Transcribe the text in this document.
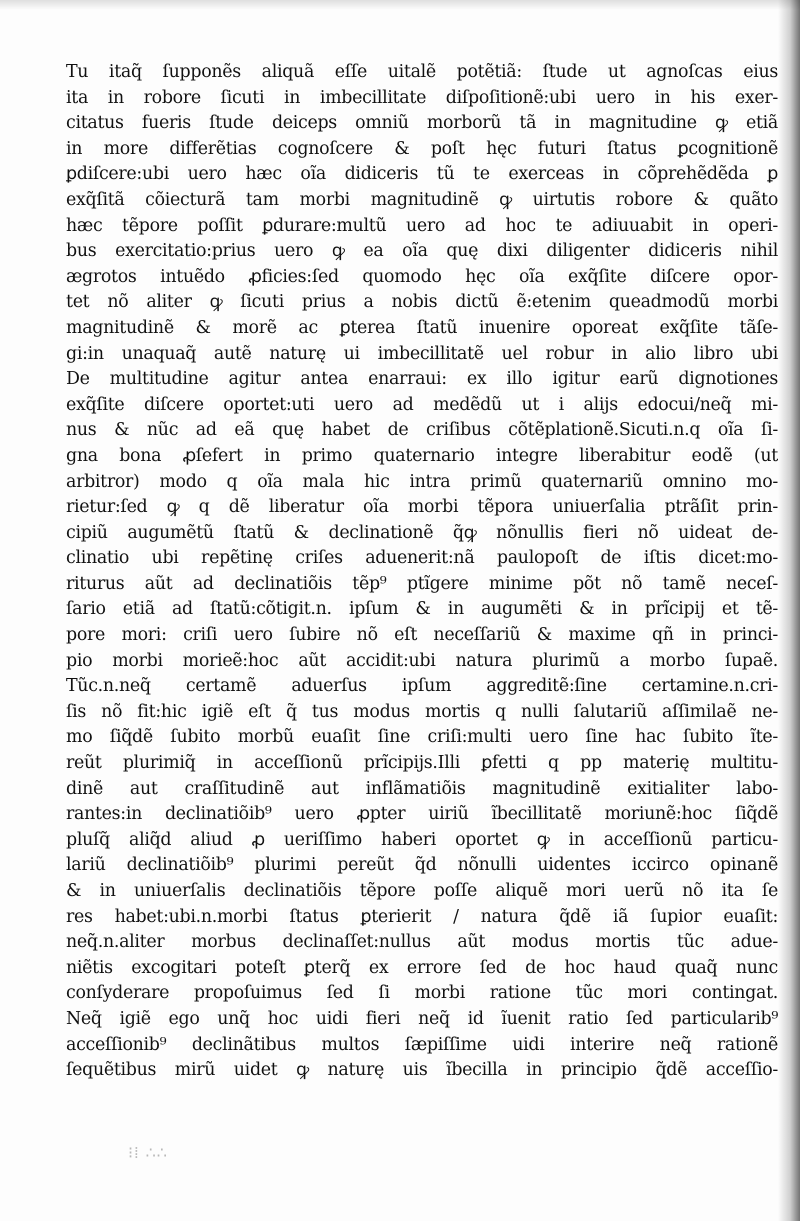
Tu itaq̃ ſupponẽs aliquã eſſe uitalẽ potẽtiã: ſtude ut agnoſcas eius
ita in robore ſicuti in imbecillitate diſpoſitionẽ:ubi uero in his exer-
citatus fueris ſtude deiceps omniũ morborũ tã in magnitudine ꝙ etiã
in more differẽtias cognoſcere & poſt hęc futuri ſtatus ꝑcognitionẽ
ꝑdiſcere:ubi uero hæc oĩa didiceris tũ te exerceas in cõprehẽdẽda ꝑ
exq̃ſitã cõiecturã tam morbi magnitudinẽ ꝙ uirtutis robore & quãto
hæc tẽpore poſſit ꝑdurare:multũ uero ad hoc te adiuuabit in operi-
bus exercitatio:prius uero ꝙ ea oĩa quę dixi diligenter didiceris nihil
ægrotos intuẽdo ꝓficies:ſed quomodo hęc oĩa exq̃ſite diſcere opor-
tet nõ aliter ꝙ ſicuti prius a nobis dictũ ẽ:etenim queadmodũ morbi
magnitudinẽ & morẽ ac ꝑterea ſtatũ inuenire oporeat exq̃ſite tãſe-
gi:in unaquaq̃ autẽ naturę ui imbecillitatẽ uel robur in alio libro ubi
De multitudine agitur antea enarraui: ex illo igitur earũ dignotiones
exq̃ſite diſcere oportet:uti uero ad medẽdũ ut i alijs edocui/neq̃ mi-
nus & nũc ad eã quę habet de criſibus cõtẽplationẽ.Sicuti.n.q oĩa ſi-
gna bona ꝓſefert in primo quaternario integre liberabitur eodẽ (ut
arbitror) modo q oĩa mala hic intra primũ quaternariũ omnino mo-
rietur:ſed ꝙ q dẽ liberatur oĩa morbi tẽpora uniuerſalia ptrãſit prin-
cipiũ augumẽtũ ſtatũ & declinationẽ q̃ꝙ nõnullis fieri nõ uideat de-
clinatio ubi repẽtinę criſes aduenerit:nã paulopoſt de iſtis dicet:mo-
riturus aũt ad declinatiõis tẽp⁹ ptĩgere minime põt nõ tamẽ neceſ-
ſario etiã ad ſtatũ:cõtigit.n. ipſum & in augumẽti & in prĩcipij et tẽ-
pore mori: criſi uero ſubire nõ eſt neceſſariũ & maxime qñ in princi-
pio morbi morieẽ:hoc aũt accidit:ubi natura plurimũ a morbo ſupaẽ.
Tũc.n.neq̃ certamẽ aduerſus ipſum aggreditẽ:ſine certamine.n.cri-
ſis nõ fit:hic igiẽ eſt q̃ tus modus mortis q nulli ſalutariũ aſſimilaẽ ne-
mo ſiq̃dẽ ſubito morbũ euaſit ſine criſi:multi uero ſine hac ſubito ĩte-
reũt plurimiq̃ in acceſſionũ prĩcipijs.Illi ꝑfetti q pp materię multitu-
dinẽ aut craſſitudinẽ aut inflãmatiõis magnitudinẽ exitialiter labo-
rantes:in declinatiõib⁹ uero ꝓpter uiriũ ĩbecillitatẽ moriunẽ:hoc ſiq̃dẽ
pluſq̃ aliq̃d aliud ꝓ ueriſſimo haberi oportet ꝙ in acceſſionũ particu-
lariũ declinatiõib⁹ plurimi pereũt q̃d nõnulli uidentes iccirco opinanẽ
& in uniuerſalis declinatiõis tẽpore poſſe aliquẽ mori uerũ nõ ita ſe
res habet:ubi.n.morbi ſtatus ꝑterierit / natura q̃dẽ iã ſupior euaſit:
neq̃.n.aliter morbus declinaſſet:nullus aũt modus mortis tũc adue-
niẽtis excogitari poteſt ꝑterq̃ ex errore ſed de hoc haud quaq̃ nunc
conſyderare propoſuimus ſed ſi morbi ratione tũc mori contingat.
Neq̃ igiẽ ego unq̃ hoc uidi fieri neq̃ id ĩuenit ratio ſed particularib⁹
acceſſionib⁹ declinãtibus multos ſæpiſſime uidi interire neq̃ rationẽ
ſequẽtibus mirũ uidet ꝙ naturę uis ĩbecilla in principio q̃dẽ acceſſio-
⁝⁞ ∴∴
